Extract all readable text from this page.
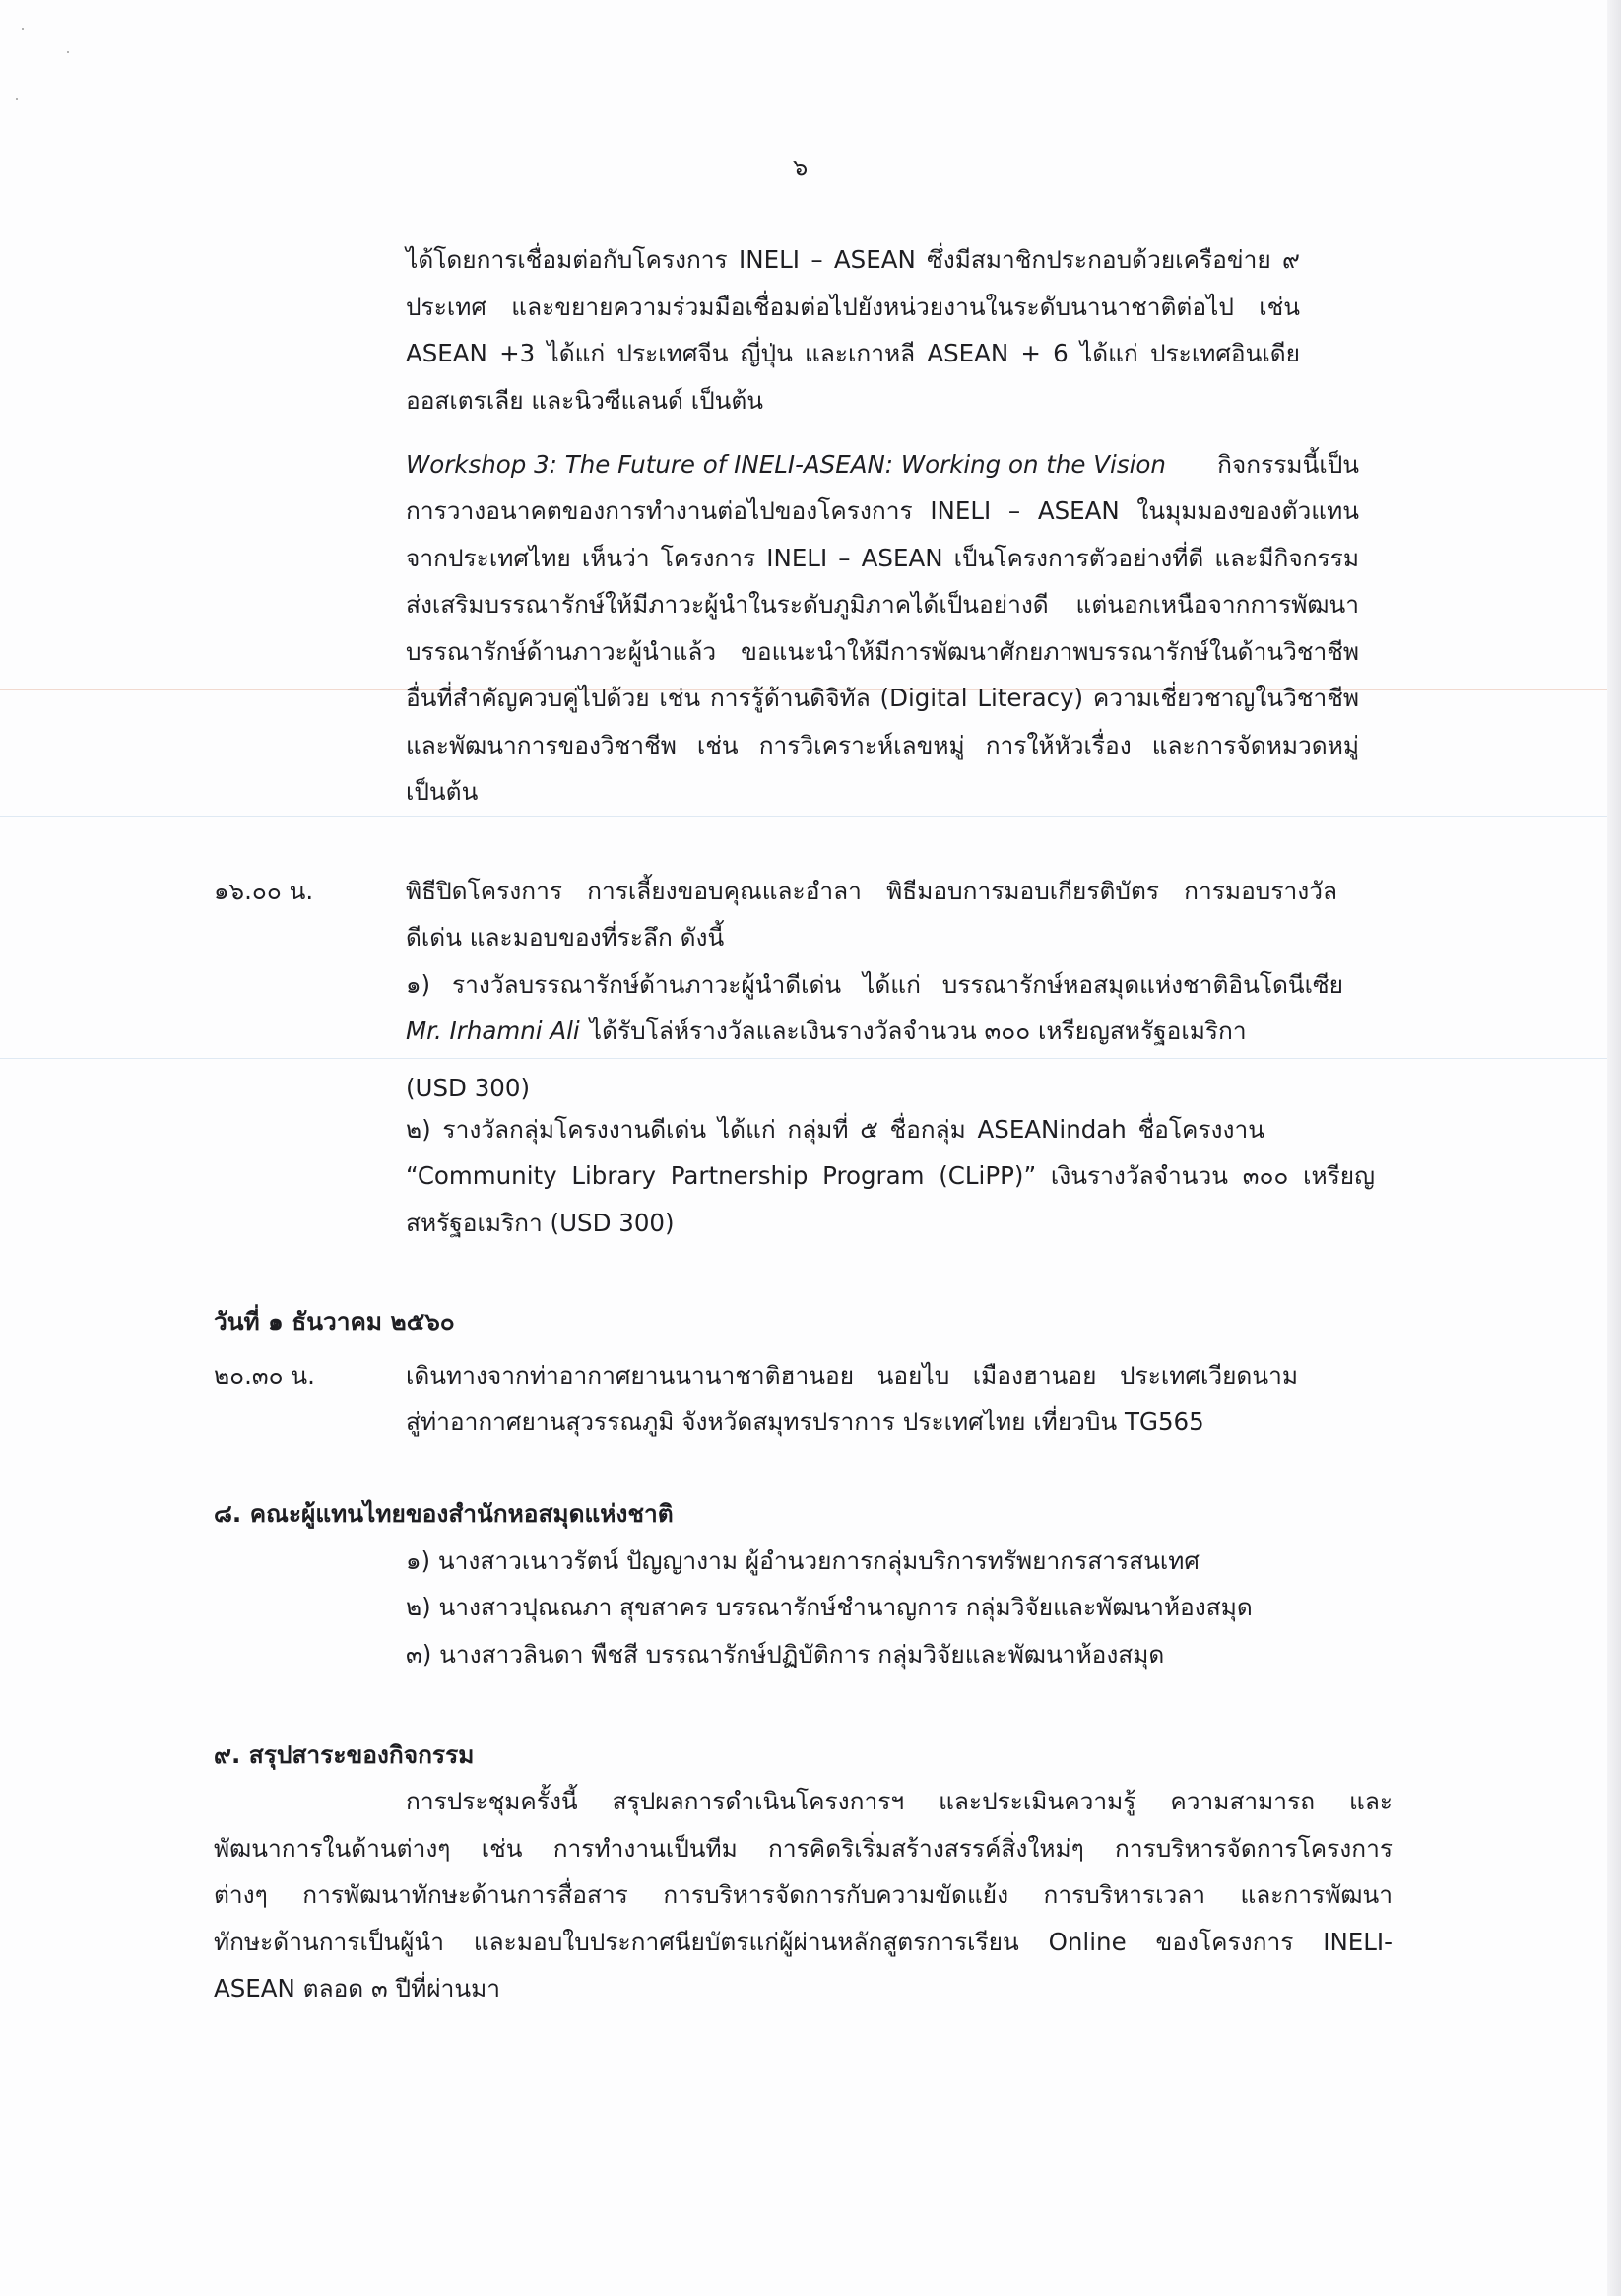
๖
ได้โดยการเชื่อมต่อกับโครงการ INELI – ASEAN ซึ่งมีสมาชิกประกอบด้วยเครือข่าย ๙
ประเทศ และขยายความร่วมมือเชื่อมต่อไปยังหน่วยงานในระดับนานาชาติต่อไป เช่น
ASEAN +3 ได้แก่ ประเทศจีน ญี่ปุ่น และเกาหลี ASEAN + 6 ได้แก่ ประเทศอินเดีย
ออสเตรเลีย และนิวซีแลนด์ เป็นต้น
Workshop 3: The Future of INELI-ASEAN: Working on the Vision กิจกรรมนี้เป็น
การวางอนาคตของการทำงานต่อไปของโครงการ INELI – ASEAN ในมุมมองของตัวแทน
จากประเทศไทย เห็นว่า โครงการ INELI – ASEAN เป็นโครงการตัวอย่างที่ดี และมีกิจกรรม
ส่งเสริมบรรณารักษ์ให้มีภาวะผู้นำในระดับภูมิภาคได้เป็นอย่างดี แต่นอกเหนือจากการพัฒนา
บรรณารักษ์ด้านภาวะผู้นำแล้ว ขอแนะนำให้มีการพัฒนาศักยภาพบรรณารักษ์ในด้านวิชาชีพ
อื่นที่สำคัญควบคู่ไปด้วย เช่น การรู้ด้านดิจิทัล (Digital Literacy) ความเชี่ยวชาญในวิชาชีพ
และพัฒนาการของวิชาชีพ เช่น การวิเคราะห์เลขหมู่ การให้หัวเรื่อง และการจัดหมวดหมู่
เป็นต้น
๑๖.๐๐ น.	พิธีปิดโครงการ การเลี้ยงขอบคุณและอำลา พิธีมอบการมอบเกียรติบัตร การมอบรางวัล
ดีเด่น และมอบของที่ระลึก ดังนี้
๑) รางวัลบรรณารักษ์ด้านภาวะผู้นำดีเด่น ได้แก่ บรรณารักษ์หอสมุดแห่งชาติอินโดนีเซีย
Mr. Irhamni Ali ได้รับโล่ห์รางวัลและเงินรางวัลจำนวน ๓๐๐ เหรียญสหรัฐอเมริกา
(USD 300)
๒) รางวัลกลุ่มโครงงานดีเด่น ได้แก่ กลุ่มที่ ๕ ชื่อกลุ่ม ASEANindah ชื่อโครงงาน
“Community Library Partnership Program (CLiPP)” เงินรางวัลจำนวน ๓๐๐ เหรียญ
สหรัฐอเมริกา (USD 300)
วันที่ ๑ ธันวาคม ๒๕๖๐
๒๐.๓๐ น.	เดินทางจากท่าอากาศยานนานาชาติฮานอย นอยไบ เมืองฮานอย ประเทศเวียดนาม
สู่ท่าอากาศยานสุวรรณภูมิ จังหวัดสมุทรปราการ ประเทศไทย เที่ยวบิน TG565
๘. คณะผู้แทนไทยของสำนักหอสมุดแห่งชาติ
๑) นางสาวเนาวรัตน์ ปัญญางาม ผู้อำนวยการกลุ่มบริการทรัพยากรสารสนเทศ
๒) นางสาวปุณณภา สุขสาคร บรรณารักษ์ชำนาญการ กลุ่มวิจัยและพัฒนาห้องสมุด
๓) นางสาวลินดา พืชสี บรรณารักษ์ปฏิบัติการ กลุ่มวิจัยและพัฒนาห้องสมุด
๙. สรุปสาระของกิจกรรม
การประชุมครั้งนี้ สรุปผลการดำเนินโครงการฯ และประเมินความรู้ ความสามารถ และ
พัฒนาการในด้านต่างๆ เช่น การทำงานเป็นทีม การคิดริเริ่มสร้างสรรค์สิ่งใหม่ๆ การบริหารจัดการโครงการ
ต่างๆ การพัฒนาทักษะด้านการสื่อสาร การบริหารจัดการกับความขัดแย้ง การบริหารเวลา และการพัฒนา
ทักษะด้านการเป็นผู้นำ และมอบใบประกาศนียบัตรแก่ผู้ผ่านหลักสูตรการเรียน Online ของโครงการ INELI-
ASEAN ตลอด ๓ ปีที่ผ่านมา
